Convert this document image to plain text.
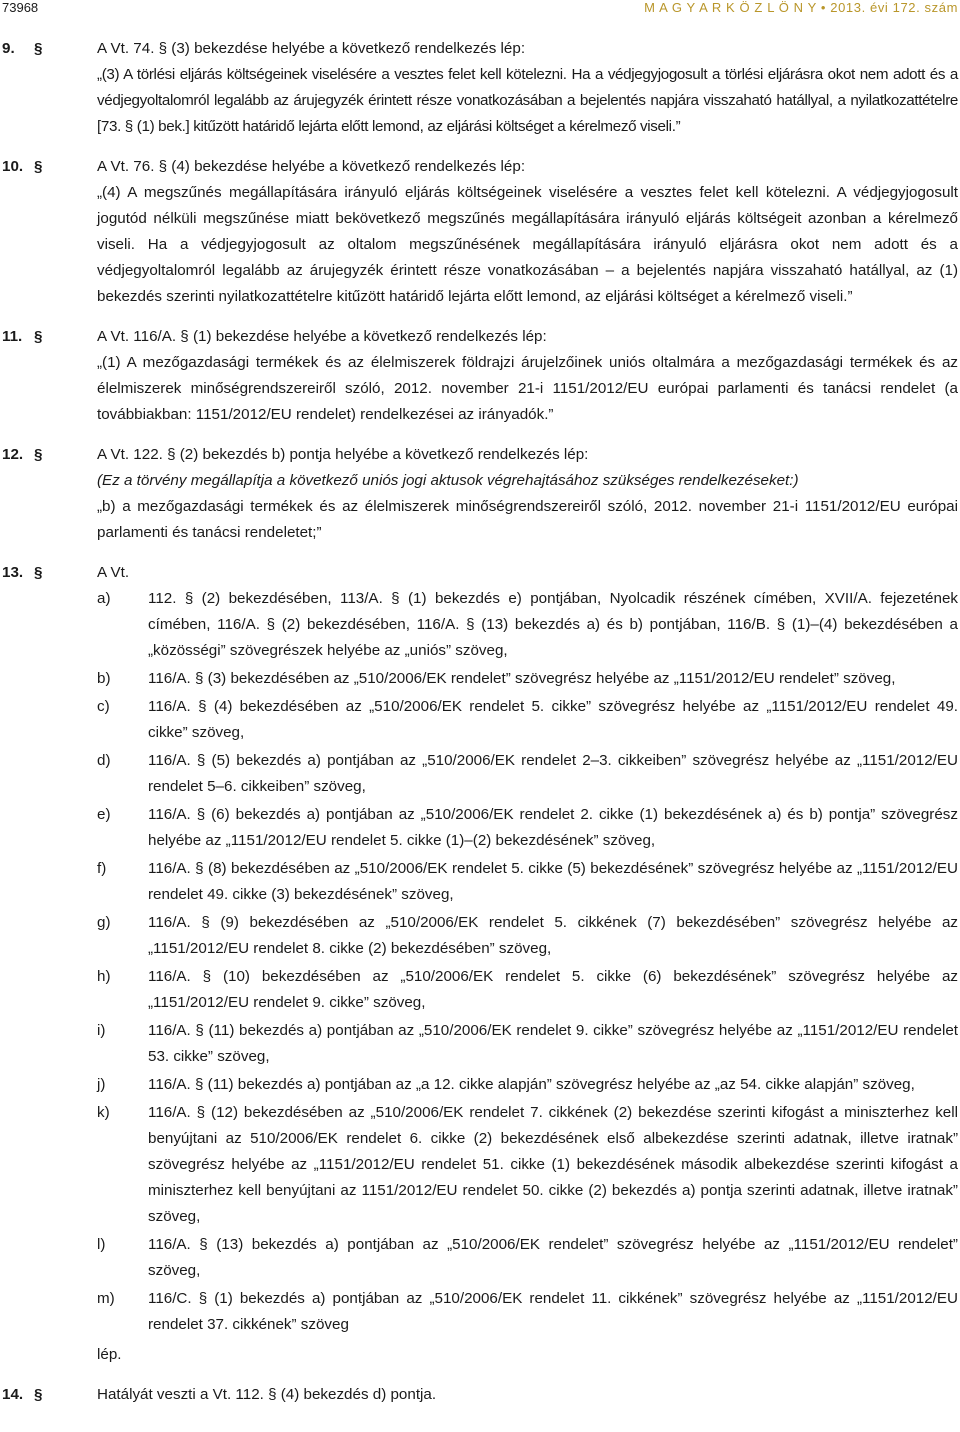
73968	M A G Y A R K Ö Z L Ö N Y • 2013. évi 172. szám
9. §	A Vt. 74. § (3) bekezdése helyébe a következő rendelkezés lép:

„(3) A törlési eljárás költségeinek viselésére a vesztes felet kell kötelezni. Ha a védjegyjogosult a törlési eljárásra okot nem adott és a védjegyoltalomról legalább az árujegyzék érintett része vonatkozásában a bejelentés napjára visszaható hatállyal, a nyilatkozattételre [73. § (1) bek.] kitűzött határidő lejárta előtt lemond, az eljárási költséget a kérelmező viseli.”

10. §	A Vt. 76. § (4) bekezdése helyébe a következő rendelkezés lép:

„(4) A megszűnés megállapítására irányuló eljárás költségeinek viselésére a vesztes felet kell kötelezni. A védjegyjogosult jogutód nélküli megszűnése miatt bekövetkező megszűnés megállapítására irányuló eljárás költségeit azonban a kérelmező viseli. Ha a védjegyjogosult az oltalom megszűnésének megállapítására irányuló eljárásra okot nem adott és a védjegyoltalomról legalább az árujegyzék érintett része vonatkozásában – a bejelentés napjára visszaható hatállyal, az (1) bekezdés szerinti nyilatkozattételre kitűzött határidő lejárta előtt lemond, az eljárási költséget a kérelmező viseli.”

11. §	A Vt. 116/A. § (1) bekezdése helyébe a következő rendelkezés lép:

„(1) A mezőgazdasági termékek és az élelmiszerek földrajzi árujelzőinek uniós oltalmára a mezőgazdasági termékek és az élelmiszerek minőségrendszereiről szóló, 2012. november 21-i 1151/2012/EU európai parlamenti és tanácsi rendelet (a továbbiakban: 1151/2012/EU rendelet) rendelkezései az irányadók.”

12. §	A Vt. 122. § (2) bekezdés b) pontja helyébe a következő rendelkezés lép:

(Ez a törvény megállapítja a következő uniós jogi aktusok végrehajtásához szükséges rendelkezéseket:)

„b) a mezőgazdasági termékek és az élelmiszerek minőségrendszereiről szóló, 2012. november 21-i 1151/2012/EU európai parlamenti és tanácsi rendeletet;”

13. §	A Vt.
a) 112. § (2) bekezdésében, 113/A. § (1) bekezdés e) pontjában, Nyolcadik részének címében, XVII/A. fejezetének címében, 116/A. § (2) bekezdésében, 116/A. § (13) bekezdés a) és b) pontjában, 116/B. § (1)–(4) bekezdésében a „közösségi” szövegrészek helyébe az „uniós” szöveg,
b) 116/A. § (3) bekezdésében az „510/2006/EK rendelet” szövegrész helyébe az „1151/2012/EU rendelet” szöveg,
c)	116/A. § (4) bekezdésében az „510/2006/EK rendelet 5. cikke” szövegrész helyébe az „1151/2012/EU rendelet 49. cikke” szöveg,
d) 116/A. § (5) bekezdés a) pontjában az „510/2006/EK rendelet 2–3. cikkeiben” szövegrész helyébe az „1151/2012/EU rendelet 5–6. cikkeiben” szöveg,
e) 116/A. § (6) bekezdés a) pontjában az „510/2006/EK rendelet 2. cikke (1) bekezdésének a) és b) pontja” szövegrész helyébe az „1151/2012/EU rendelet 5. cikke (1)–(2) bekezdésének” szöveg,
f)	116/A. § (8) bekezdésében az „510/2006/EK rendelet 5. cikke (5) bekezdésének” szövegrész helyébe az „1151/2012/EU rendelet 49. cikke (3) bekezdésének” szöveg,
g) 116/A. § (9) bekezdésében az „510/2006/EK rendelet 5. cikkének (7) bekezdésében” szövegrész helyébe az „1151/2012/EU rendelet 8. cikke (2) bekezdésében” szöveg,
h) 116/A. § (10) bekezdésében az „510/2006/EK rendelet 5. cikke (6) bekezdésének” szövegrész helyébe az „1151/2012/EU rendelet 9. cikke” szöveg,
i)	116/A. § (11) bekezdés a) pontjában az „510/2006/EK rendelet 9. cikke” szövegrész helyébe az „1151/2012/EU rendelet 53. cikke” szöveg,
j)	116/A. § (11) bekezdés a) pontjában az „a 12. cikke alapján” szövegrész helyébe az „az 54. cikke alapján” szöveg,
k)	116/A. § (12) bekezdésében az „510/2006/EK rendelet 7. cikkének (2) bekezdése szerinti kifogást a miniszterhez kell benyújtani az 510/2006/EK rendelet 6. cikke (2) bekezdésének első albekezdése szerinti adatnak, illetve iratnak” szövegrész helyébe az „1151/2012/EU rendelet 51. cikke (1) bekezdésének második albekezdése szerinti kifogást a miniszterhez kell benyújtani az 1151/2012/EU rendelet 50. cikke (2) bekezdés a) pontja szerinti adatnak, illetve iratnak” szöveg,
l)	116/A. § (13) bekezdés a) pontjában az „510/2006/EK rendelet” szövegrész helyébe az „1151/2012/EU rendelet” szöveg,
m) 116/C. § (1) bekezdés a) pontjában az „510/2006/EK rendelet 11. cikkének” szövegrész helyébe az „1151/2012/EU rendelet 37. cikkének” szöveg
lép.
14. §	Hatályát veszti a Vt. 112. § (4) bekezdés d) pontja.
